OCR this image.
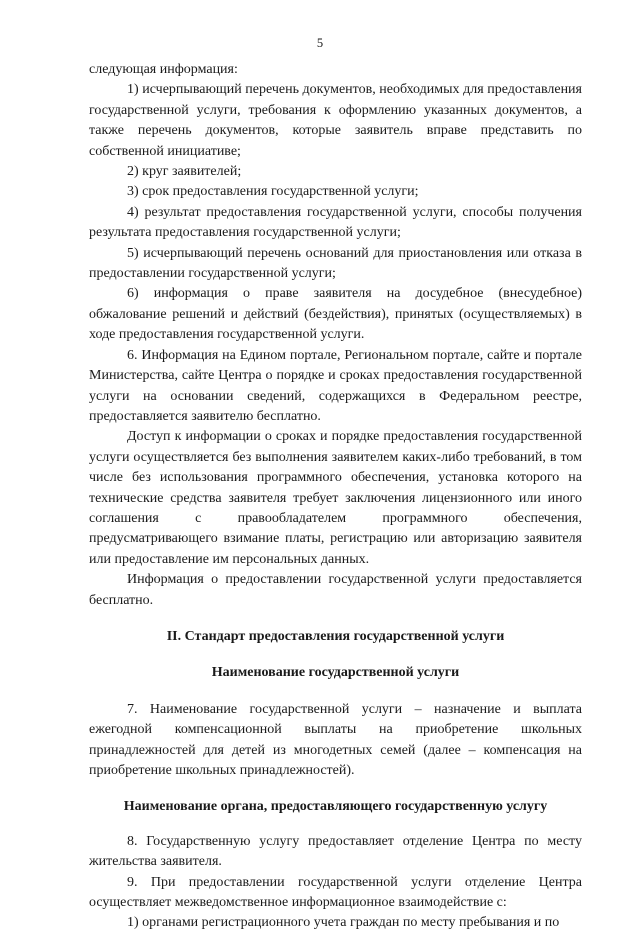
5

следующая информация:

1) исчерпывающий перечень документов, необходимых для предоставления государственной услуги, требования к оформлению указанных документов, а также перечень документов, которые заявитель вправе представить по собственной инициативе;

2) круг заявителей;

3) срок предоставления государственной услуги;

4) результат предоставления государственной услуги, способы получения результата предоставления государственной услуги;

5) исчерпывающий перечень оснований для приостановления или отказа в предоставлении государственной услуги;

6) информация о праве заявителя на досудебное (внесудебное) обжалование решений и действий (бездействия), принятых (осуществляемых) в ходе предоставления государственной услуги.

6. Информация на Едином портале, Региональном портале, сайте и портале Министерства, сайте Центра о порядке и сроках предоставления государственной услуги на основании сведений, содержащихся в Федеральном реестре, предоставляется заявителю бесплатно.

Доступ к информации о сроках и порядке предоставления государственной услуги осуществляется без выполнения заявителем каких-либо требований, в том числе без использования программного обеспечения, установка которого на технические средства заявителя требует заключения лицензионного или иного соглашения с правообладателем программного обеспечения, предусматривающего взимание платы, регистрацию или авторизацию заявителя или предоставление им персональных данных.

Информация о предоставлении государственной услуги предоставляется бесплатно.

II. Стандарт предоставления государственной услуги

Наименование государственной услуги

7. Наименование государственной услуги – назначение и выплата ежегодной компенсационной выплаты на приобретение школьных принадлежностей для детей из многодетных семей (далее – компенсация на приобретение школьных принадлежностей).

Наименование органа, предоставляющего государственную услугу

8. Государственную услугу предоставляет отделение Центра по месту жительства заявителя.

9. При предоставлении государственной услуги отделение Центра осуществляет межведомственное информационное взаимодействие с:

1) органами регистрационного учета граждан по месту пребывания и по
